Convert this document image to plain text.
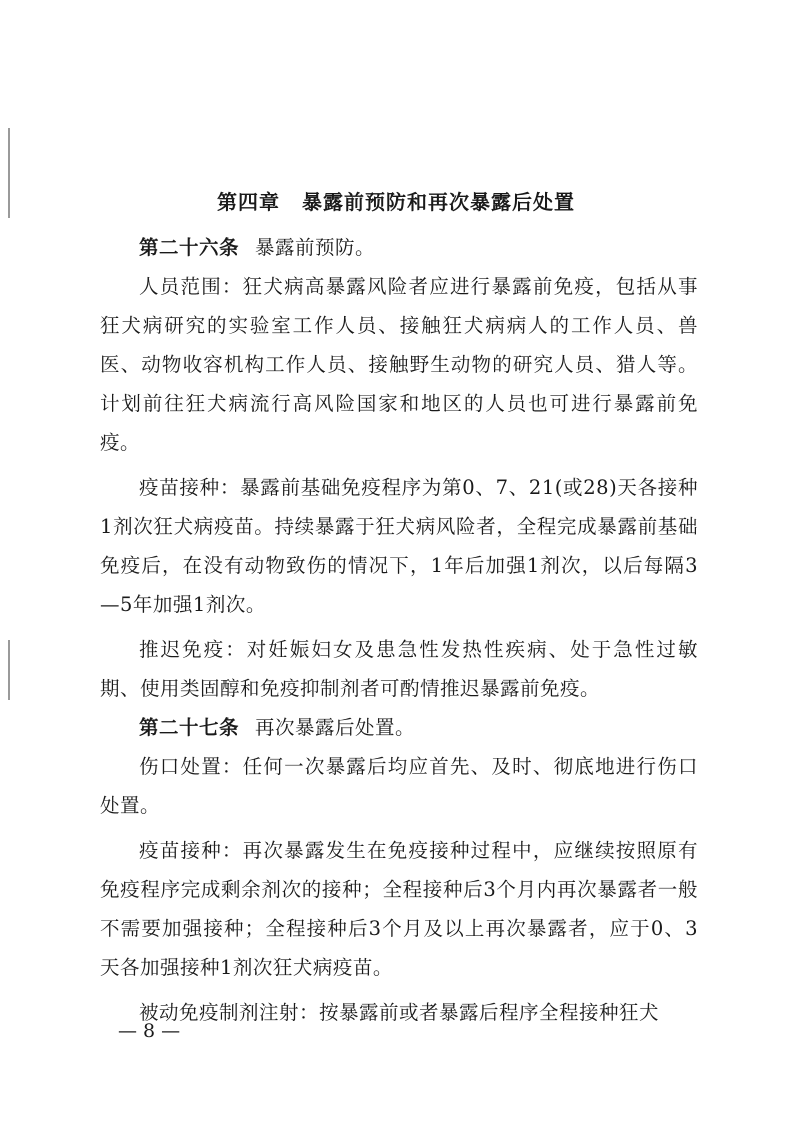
第四章 暴露前预防和再次暴露后处置

第二十六条 暴露前预防。

人员范围：狂犬病高暴露风险者应进行暴露前免疫，包括从事狂犬病研究的实验室工作人员、接触狂犬病病人的工作人员、兽医、动物收容机构工作人员、接触野生动物的研究人员、猎人等。计划前往狂犬病流行高风险国家和地区的人员也可进行暴露前免疫。

疫苗接种：暴露前基础免疫程序为第0、7、21(或28)天各接种1剂次狂犬病疫苗。持续暴露于狂犬病风险者，全程完成暴露前基础免疫后，在没有动物致伤的情况下，1年后加强1剂次，以后每隔3—5年加强1剂次。

推迟免疫：对妊娠妇女及患急性发热性疾病、处于急性过敏期、使用类固醇和免疫抑制剂者可酌情推迟暴露前免疫。

第二十七条 再次暴露后处置。

伤口处置：任何一次暴露后均应首先、及时、彻底地进行伤口处置。

疫苗接种：再次暴露发生在免疫接种过程中，应继续按照原有免疫程序完成剩余剂次的接种；全程接种后3个月内再次暴露者一般不需要加强接种；全程接种后3个月及以上再次暴露者，应于0、3天各加强接种1剂次狂犬病疫苗。

被动免疫制剂注射：按暴露前或者暴露后程序全程接种狂犬

— 8 —
